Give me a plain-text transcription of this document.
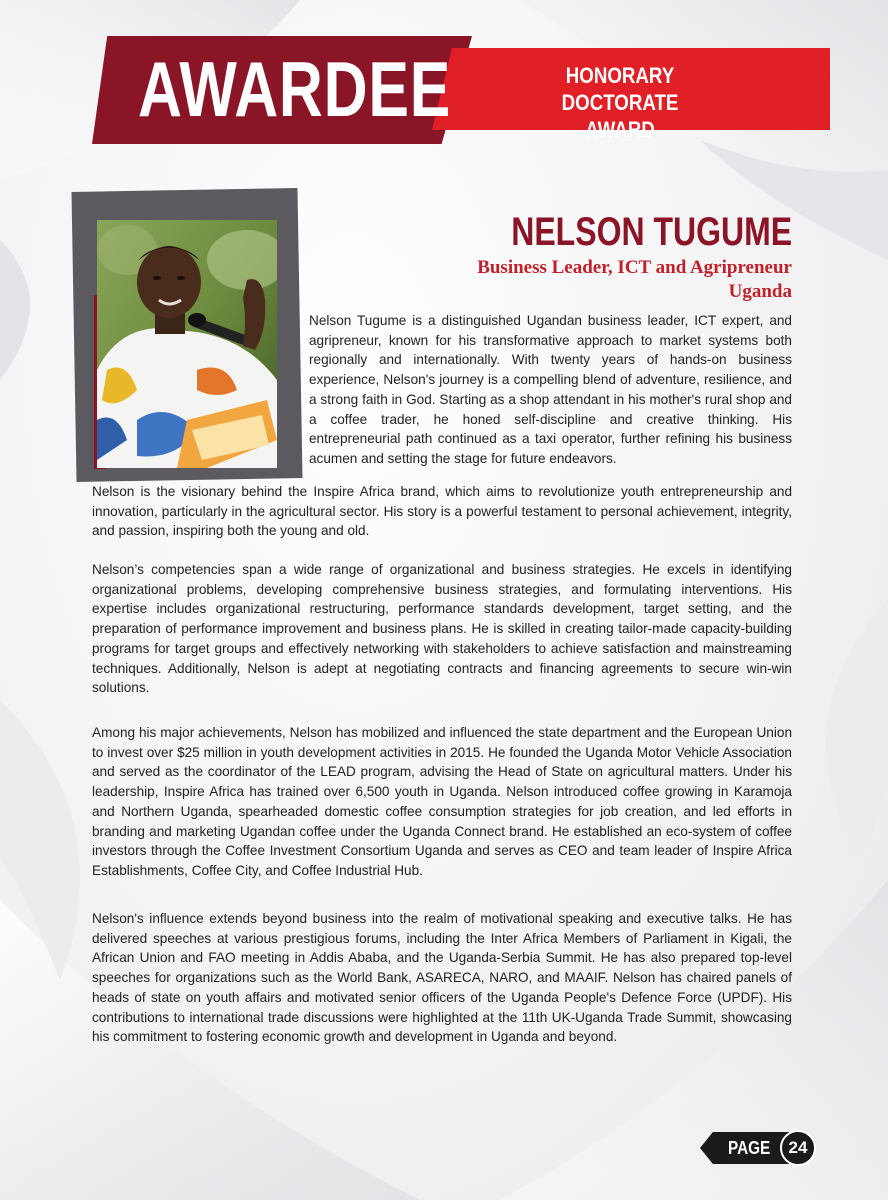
AWARDEE	HONORARY
DOCTORATE AWARD
NELSON TUGUME
Business Leader, ICT and Agripreneur
Uganda
Nelson Tugume is a distinguished Ugandan business leader, ICT expert, and agripreneur, known for his transformative approach to market systems both regionally and internationally. With twenty years of hands-on business experience, Nelson's journey is a compelling blend of adventure, resilience, and a strong faith in God. Starting as a shop attendant in his mother's rural shop and a coffee trader, he honed self-discipline and creative thinking. His entrepreneurial path continued as a taxi operator, further refining his business acumen and setting the stage for future endeavors.
Nelson is the visionary behind the Inspire Africa brand, which aims to revolutionize youth entrepreneurship and innovation, particularly in the agricultural sector. His story is a powerful testament to personal achievement, integrity, and passion, inspiring both the young and old.
Nelson’s competencies span a wide range of organizational and business strategies. He excels in identifying organizational problems, developing comprehensive business strategies, and formulating interventions. His expertise includes organizational restructuring, performance standards development, target setting, and the preparation of performance improvement and business plans. He is skilled in creating tailor-made capacity-building programs for target groups and effectively networking with stakeholders to achieve satisfaction and mainstreaming techniques. Additionally, Nelson is adept at negotiating contracts and financing agreements to secure win-win solutions.
Among his major achievements, Nelson has mobilized and influenced the state department and the European Union to invest over $25 million in youth development activities in 2015. He founded the Uganda Motor Vehicle Association and served as the coordinator of the LEAD program, advising the Head of State on agricultural matters. Under his leadership, Inspire Africa has trained over 6,500 youth in Uganda. Nelson introduced coffee growing in Karamoja and Northern Uganda, spearheaded domestic coffee consumption strategies for job creation, and led efforts in branding and marketing Ugandan coffee under the Uganda Connect brand. He established an eco-system of coffee investors through the Coffee Investment Consortium Uganda and serves as CEO and team leader of Inspire Africa Establishments, Coffee City, and Coffee Industrial Hub.
Nelson's influence extends beyond business into the realm of motivational speaking and executive talks. He has delivered speeches at various prestigious forums, including the Inter Africa Members of Parliament in Kigali, the African Union and FAO meeting in Addis Ababa, and the Uganda-Serbia Summit. He has also prepared top-level speeches for organizations such as the World Bank, ASARECA, NARO, and MAAIF. Nelson has chaired panels of heads of state on youth affairs and motivated senior officers of the Uganda People's Defence Force (UPDF). His contributions to international trade discussions were highlighted at the 11th UK-Uganda Trade Summit, showcasing his commitment to fostering economic growth and development in Uganda and beyond.
PAGE	24
